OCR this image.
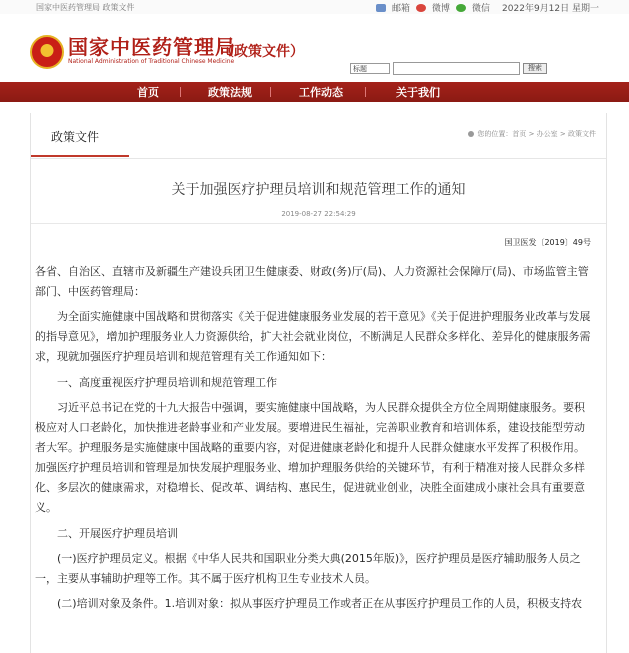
国家中医药管理局 政策文件	邮箱 微博 微信 2022年9月12日 星期一
国家中医药管理局
National Administration of Traditional Chinese Medicine
（政策文件）
标题	搜索
首页	政策法规	工作动态	关于我们
政策文件	您的位置：首页 > 办公室 > 政策文件
关于加强医疗护理员培训和规范管理工作的通知
2019-08-27 22:54:29
国卫医发〔2019〕49号

各省、自治区、直辖市及新疆生产建设兵团卫生健康委、财政(务)厅(局)、人力资源社会保障厅(局)、市场监管主管部门、中医药管理局：

为全面实施健康中国战略和贯彻落实《关于促进健康服务业发展的若干意见》《关于促进护理服务业改革与发展的指导意见》，增加护理服务业人力资源供给，扩大社会就业岗位，不断满足人民群众多样化、差异化的健康服务需求，现就加强医疗护理员培训和规范管理有关工作通知如下：

一、高度重视医疗护理员培训和规范管理工作

习近平总书记在党的十九大报告中强调，要实施健康中国战略，为人民群众提供全方位全周期健康服务。要积极应对人口老龄化，加快推进老龄事业和产业发展。要增进民生福祉，完善职业教育和培训体系，建设技能型劳动者大军。护理服务是实施健康中国战略的重要内容，对促进健康老龄化和提升人民群众健康水平发挥了积极作用。加强医疗护理员培训和管理是加快发展护理服务业、增加护理服务供给的关键环节，有利于精准对接人民群众多样化、多层次的健康需求，对稳增长、促改革、调结构、惠民生，促进就业创业，决胜全面建成小康社会具有重要意义。

二、开展医疗护理员培训

(一)医疗护理员定义。根据《中华人民共和国职业分类大典(2015年版)》，医疗护理员是医疗辅助服务人员之一，主要从事辅助护理等工作。其不属于医疗机构卫生专业技术人员。

(二)培训对象及条件。1.培训对象：拟从事医疗护理员工作或者正在从事医疗护理员工作的人员，积极支持农
